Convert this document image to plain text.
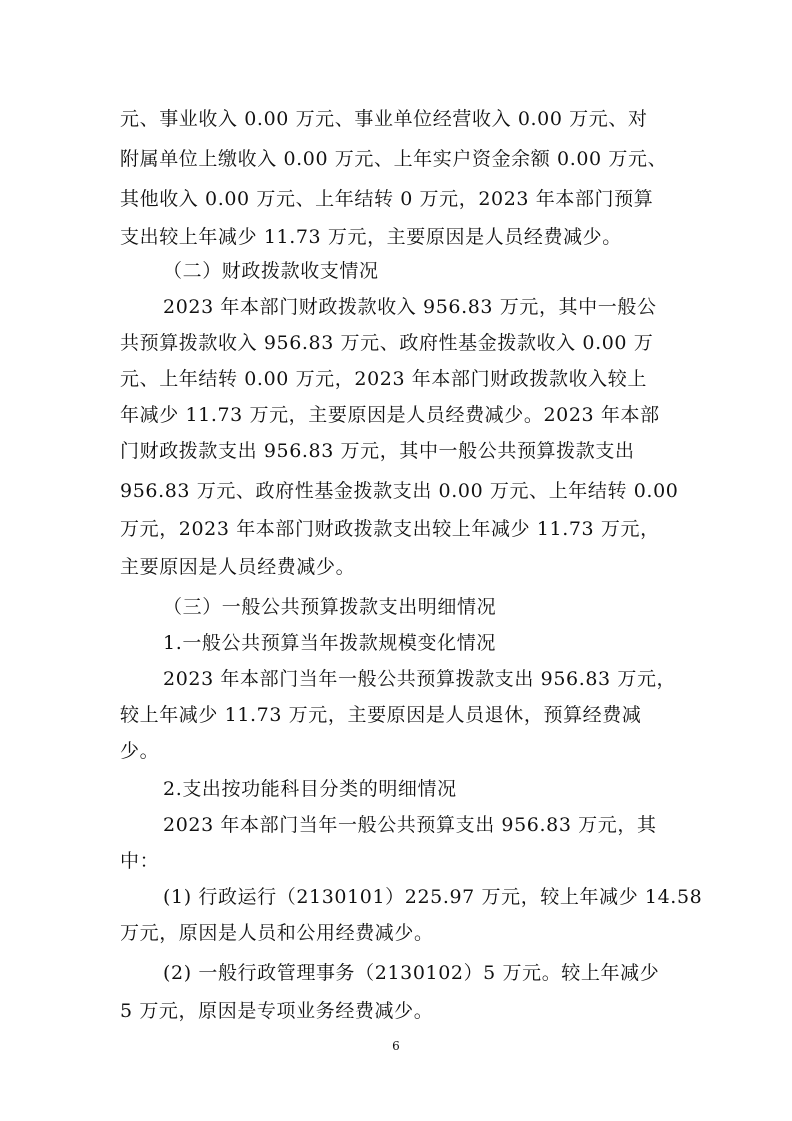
元、事业收入 0.00 万元、事业单位经营收入 0.00 万元、对
附属单位上缴收入 0.00 万元、上年实户资金余额 0.00 万元、
其他收入 0.00 万元、上年结转 0 万元，2023 年本部门预算
支出较上年减少 11.73 万元，主要原因是人员经费减少。
（二）财政拨款收支情况
2023 年本部门财政拨款收入 956.83 万元，其中一般公
共预算拨款收入 956.83 万元、政府性基金拨款收入 0.00 万
元、上年结转 0.00 万元，2023 年本部门财政拨款收入较上
年减少 11.73 万元，主要原因是人员经费减少。2023 年本部
门财政拨款支出 956.83 万元，其中一般公共预算拨款支出
956.83 万元、政府性基金拨款支出 0.00 万元、上年结转 0.00
万元，2023 年本部门财政拨款支出较上年减少 11.73 万元，
主要原因是人员经费减少。
（三）一般公共预算拨款支出明细情况
1.一般公共预算当年拨款规模变化情况
2023 年本部门当年一般公共预算拨款支出 956.83 万元，
较上年减少 11.73 万元，主要原因是人员退休，预算经费减
少。
2.支出按功能科目分类的明细情况
2023 年本部门当年一般公共预算支出 956.83 万元，其
中：
(1) 行政运行（2130101）225.97 万元，较上年减少 14.58
万元，原因是人员和公用经费减少。
(2) 一般行政管理事务（2130102）5 万元。较上年减少
5 万元，原因是专项业务经费减少。
6
